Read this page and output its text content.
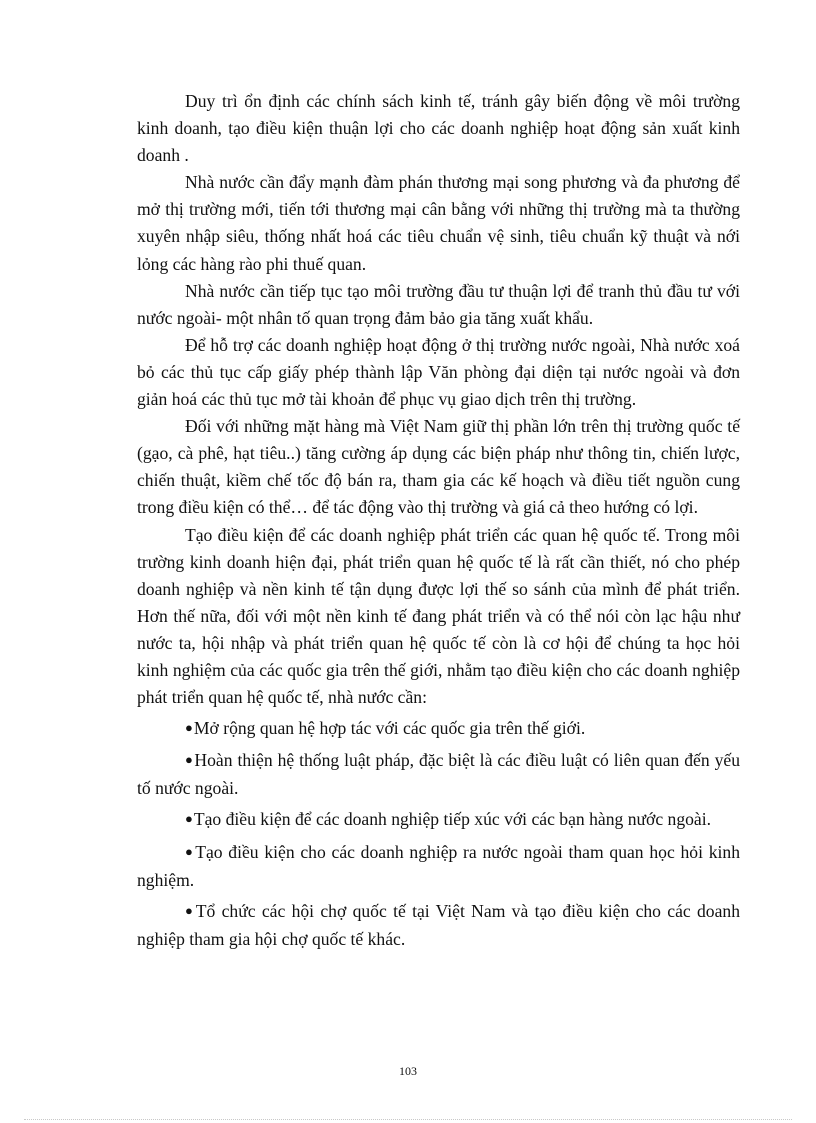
Duy trì ổn định các chính sách kinh tế, tránh gây biến động về môi trường kinh doanh, tạo điều kiện thuận lợi cho các doanh nghiệp hoạt động sản xuất kinh doanh .

Nhà nước cần đẩy mạnh đàm phán thương mại song phương và đa phương để mở thị trường mới, tiến tới thương mại cân bằng với những thị trường mà ta thường xuyên nhập siêu, thống nhất hoá các tiêu chuẩn vệ sinh, tiêu chuẩn kỹ thuật và nới lỏng các hàng rào phi thuế quan.

Nhà nước cần tiếp tục tạo môi trường đầu tư thuận lợi để tranh thủ đầu tư với nước ngoài- một nhân tố quan trọng đảm bảo gia tăng xuất khẩu.

Để hỗ trợ các doanh nghiệp hoạt động ở thị trường nước ngoài, Nhà nước xoá bỏ các thủ tục cấp giấy phép thành lập Văn phòng đại diện tại nước ngoài và đơn giản hoá các thủ tục mở tài khoản để phục vụ giao dịch trên thị trường.

Đối với những mặt hàng mà Việt Nam giữ thị phần lớn trên thị trường quốc tế (gạo, cà phê, hạt tiêu..) tăng cường áp dụng các biện pháp như thông tin, chiến lược, chiến thuật, kiềm chế tốc độ bán ra, tham gia các kế hoạch và điều tiết nguồn cung trong điều kiện có thể… để tác động vào thị trường và giá cả theo hướng có lợi.

Tạo điều kiện để các doanh nghiệp phát triển các quan hệ quốc tế. Trong môi trường kinh doanh hiện đại, phát triển quan hệ quốc tế là rất cần thiết, nó cho phép doanh nghiệp và nền kinh tế tận dụng được lợi thế so sánh của mình để phát triển. Hơn thế nữa, đối với một nền kinh tế đang phát triển và có thể nói còn lạc hậu như nước ta, hội nhập và phát triển quan hệ quốc tế còn là cơ hội để chúng ta học hỏi kinh nghiệm của các quốc gia trên thế giới, nhằm tạo điều kiện cho các doanh nghiệp phát triển quan hệ quốc tế, nhà nước cần:

●Mở rộng quan hệ hợp tác với các quốc gia trên thế giới.

●Hoàn thiện hệ thống luật pháp, đặc biệt là các điều luật có liên quan đến yếu tố nước ngoài.

●Tạo điều kiện để các doanh nghiệp tiếp xúc với các bạn hàng nước ngoài.

●Tạo điều kiện cho các doanh nghiệp ra nước ngoài tham quan học hỏi kinh nghiệm.

●Tổ chức các hội chợ quốc tế tại Việt Nam và tạo điều kiện cho các doanh nghiệp tham gia hội chợ quốc tế khác.

103
